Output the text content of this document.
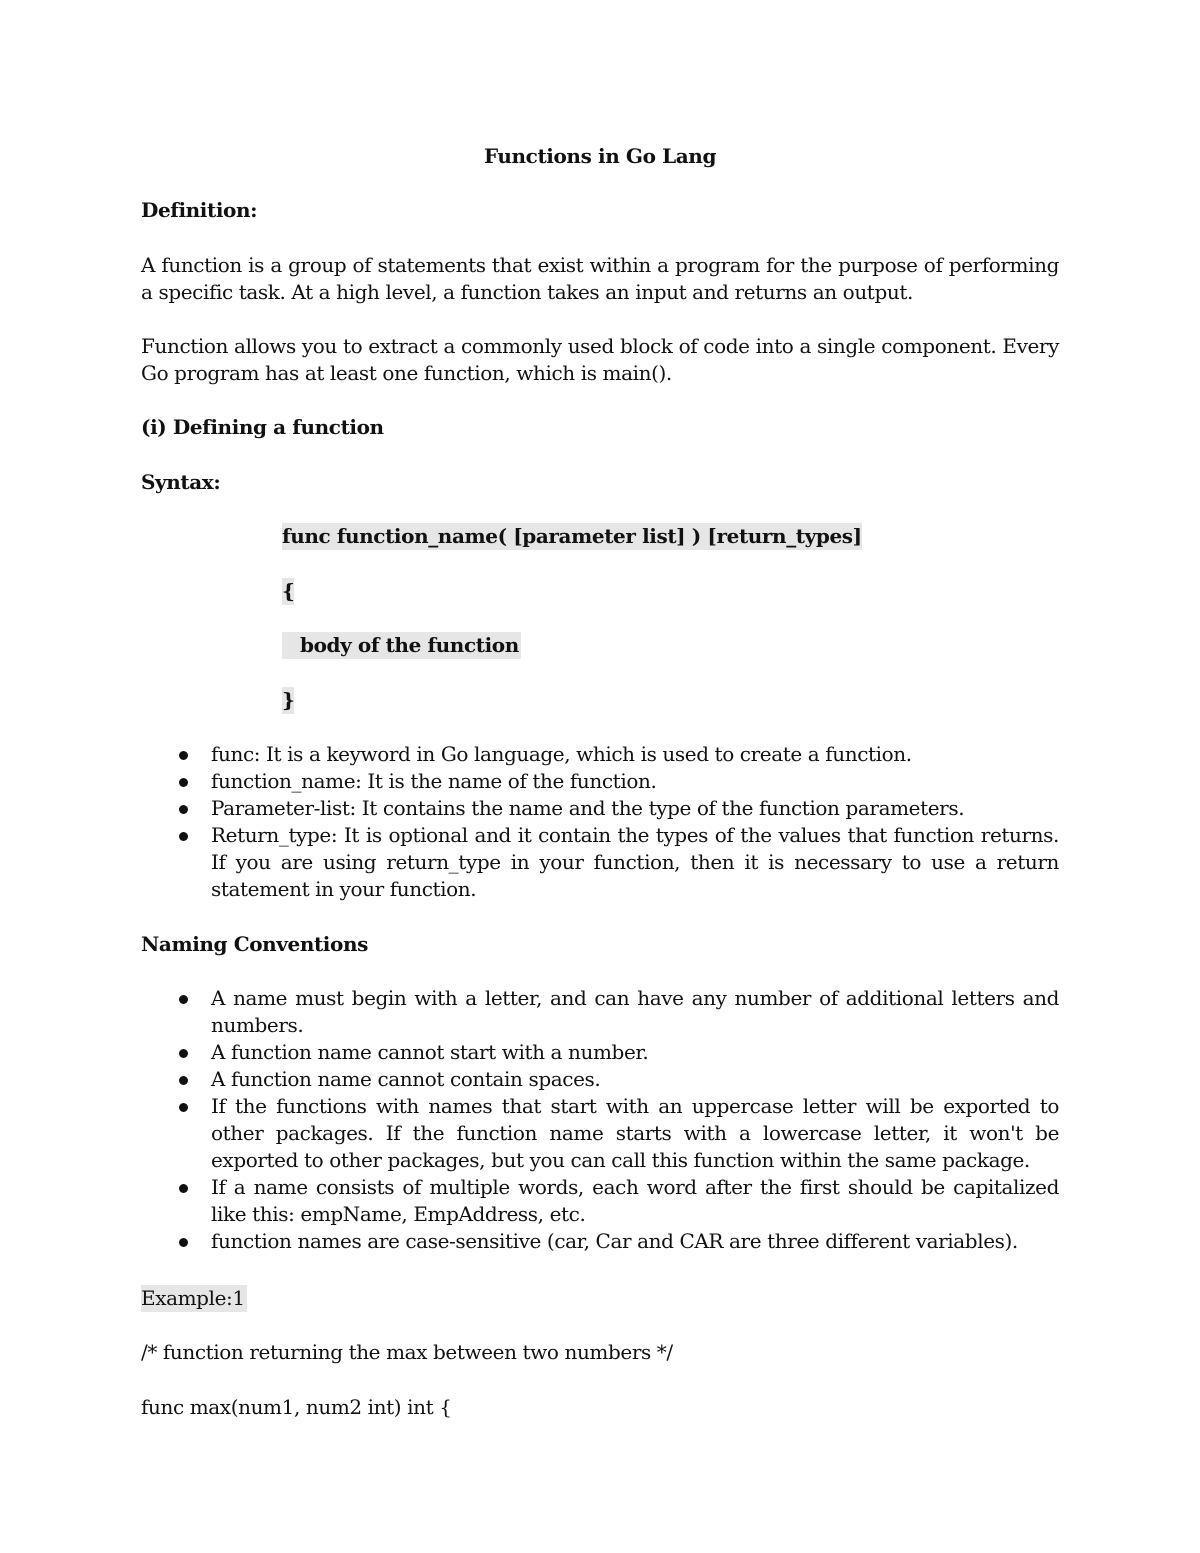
Functions in Go Lang

Definition:

A function is a group of statements that exist within a program for the purpose of performing a specific task. At a high level, a function takes an input and returns an output.

Function allows you to extract a commonly used block of code into a single component. Every Go program has at least one function, which is main().

(i) Defining a function

Syntax:

func function_name( [parameter list] ) [return_types]

{

body of the function

}

func: It is a keyword in Go language, which is used to create a function.
function_name: It is the name of the function.
Parameter-list: It contains the name and the type of the function parameters.
Return_type: It is optional and it contain the types of the values that function returns. If you are using return_type in your function, then it is necessary to use a return statement in your function.

Naming Conventions

A name must begin with a letter, and can have any number of additional letters and numbers.
A function name cannot start with a number.
A function name cannot contain spaces.
If the functions with names that start with an uppercase letter will be exported to other packages. If the function name starts with a lowercase letter, it won't be exported to other packages, but you can call this function within the same package.
If a name consists of multiple words, each word after the first should be capitalized like this: empName, EmpAddress, etc.
function names are case-sensitive (car, Car and CAR are three different variables).

Example:1

/* function returning the max between two numbers */

func max(num1, num2 int) int {
